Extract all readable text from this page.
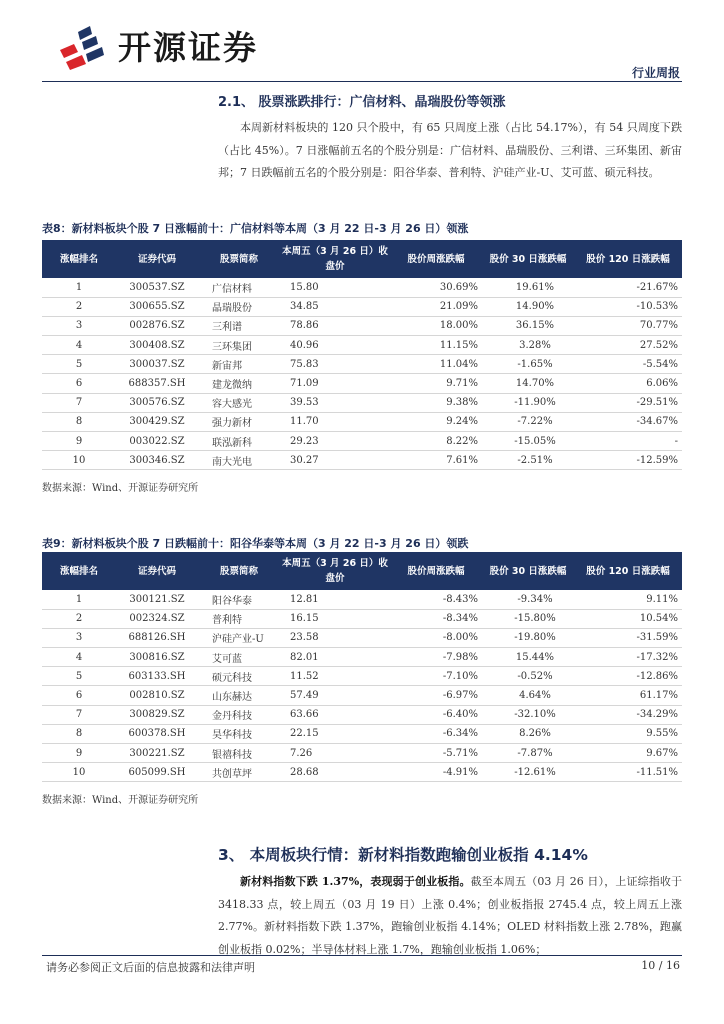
开源证券
行业周报
2.1、 股票涨跌排行：广信材料、晶瑞股份等领涨
本周新材料板块的 120 只个股中，有 65 只周度上涨（占比 54.17%），有 54 只周度下跌（占比 45%）。7 日涨幅前五名的个股分别是：广信材料、晶瑞股份、三利谱、三环集团、新宙邦；7 日跌幅前五名的个股分别是：阳谷华泰、普利特、沪硅产业-U、艾可蓝、硕元科技。
表8：新材料板块个股 7 日涨幅前十：广信材料等本周（3 月 22 日-3 月 26 日）领涨
涨幅排名	证券代码	股票简称	本周五（3 月 26 日）收盘价	股价周涨跌幅	股价 30 日涨跌幅	股价 120 日涨跌幅
1	300537.SZ	广信材料	15.80	30.69%	19.61%	-21.67%
2	300655.SZ	晶瑞股份	34.85	21.09%	14.90%	-10.53%
3	002876.SZ	三利谱	78.86	18.00%	36.15%	70.77%
4	300408.SZ	三环集团	40.96	11.15%	3.28%	27.52%
5	300037.SZ	新宙邦	75.83	11.04%	-1.65%	-5.54%
6	688357.SH	建龙微纳	71.09	9.71%	14.70%	6.06%
7	300576.SZ	容大感光	39.53	9.38%	-11.90%	-29.51%
8	300429.SZ	强力新材	11.70	9.24%	-7.22%	-34.67%
9	003022.SZ	联泓新科	29.23	8.22%	-15.05%	-
10	300346.SZ	南大光电	30.27	7.61%	-2.51%	-12.59%
数据来源：Wind、开源证券研究所
表9：新材料板块个股 7 日跌幅前十：阳谷华泰等本周（3 月 22 日-3 月 26 日）领跌
涨幅排名	证券代码	股票简称	本周五（3 月 26 日）收盘价	股价周涨跌幅	股价 30 日涨跌幅	股价 120 日涨跌幅
1	300121.SZ	阳谷华泰	12.81	-8.43%	-9.34%	9.11%
2	002324.SZ	普利特	16.15	-8.34%	-15.80%	10.54%
3	688126.SH	沪硅产业-U	23.58	-8.00%	-19.80%	-31.59%
4	300816.SZ	艾可蓝	82.01	-7.98%	15.44%	-17.32%
5	603133.SH	硕元科技	11.52	-7.10%	-0.52%	-12.86%
6	002810.SZ	山东赫达	57.49	-6.97%	4.64%	61.17%
7	300829.SZ	金丹科技	63.66	-6.40%	-32.10%	-34.29%
8	600378.SH	昊华科技	22.15	-6.34%	8.26%	9.55%
9	300221.SZ	银禧科技	7.26	-5.71%	-7.87%	9.67%
10	605099.SH	共创草坪	28.68	-4.91%	-12.61%	-11.51%
数据来源：Wind、开源证券研究所
3、 本周板块行情：新材料指数跑输创业板指 4.14%
新材料指数下跌 1.37%，表现弱于创业板指。截至本周五（03 月 26 日），上证综指收于 3418.33 点，较上周五（03 月 19 日）上涨 0.4%；创业板指报 2745.4 点，较上周五上涨 2.77%。新材料指数下跌 1.37%，跑输创业板指 4.14%；OLED 材料指数上涨 2.78%，跑赢创业板指 0.02%；半导体材料上涨 1.7%，跑输创业板指 1.06%；
请务必参阅正文后面的信息披露和法律声明	10 / 16
